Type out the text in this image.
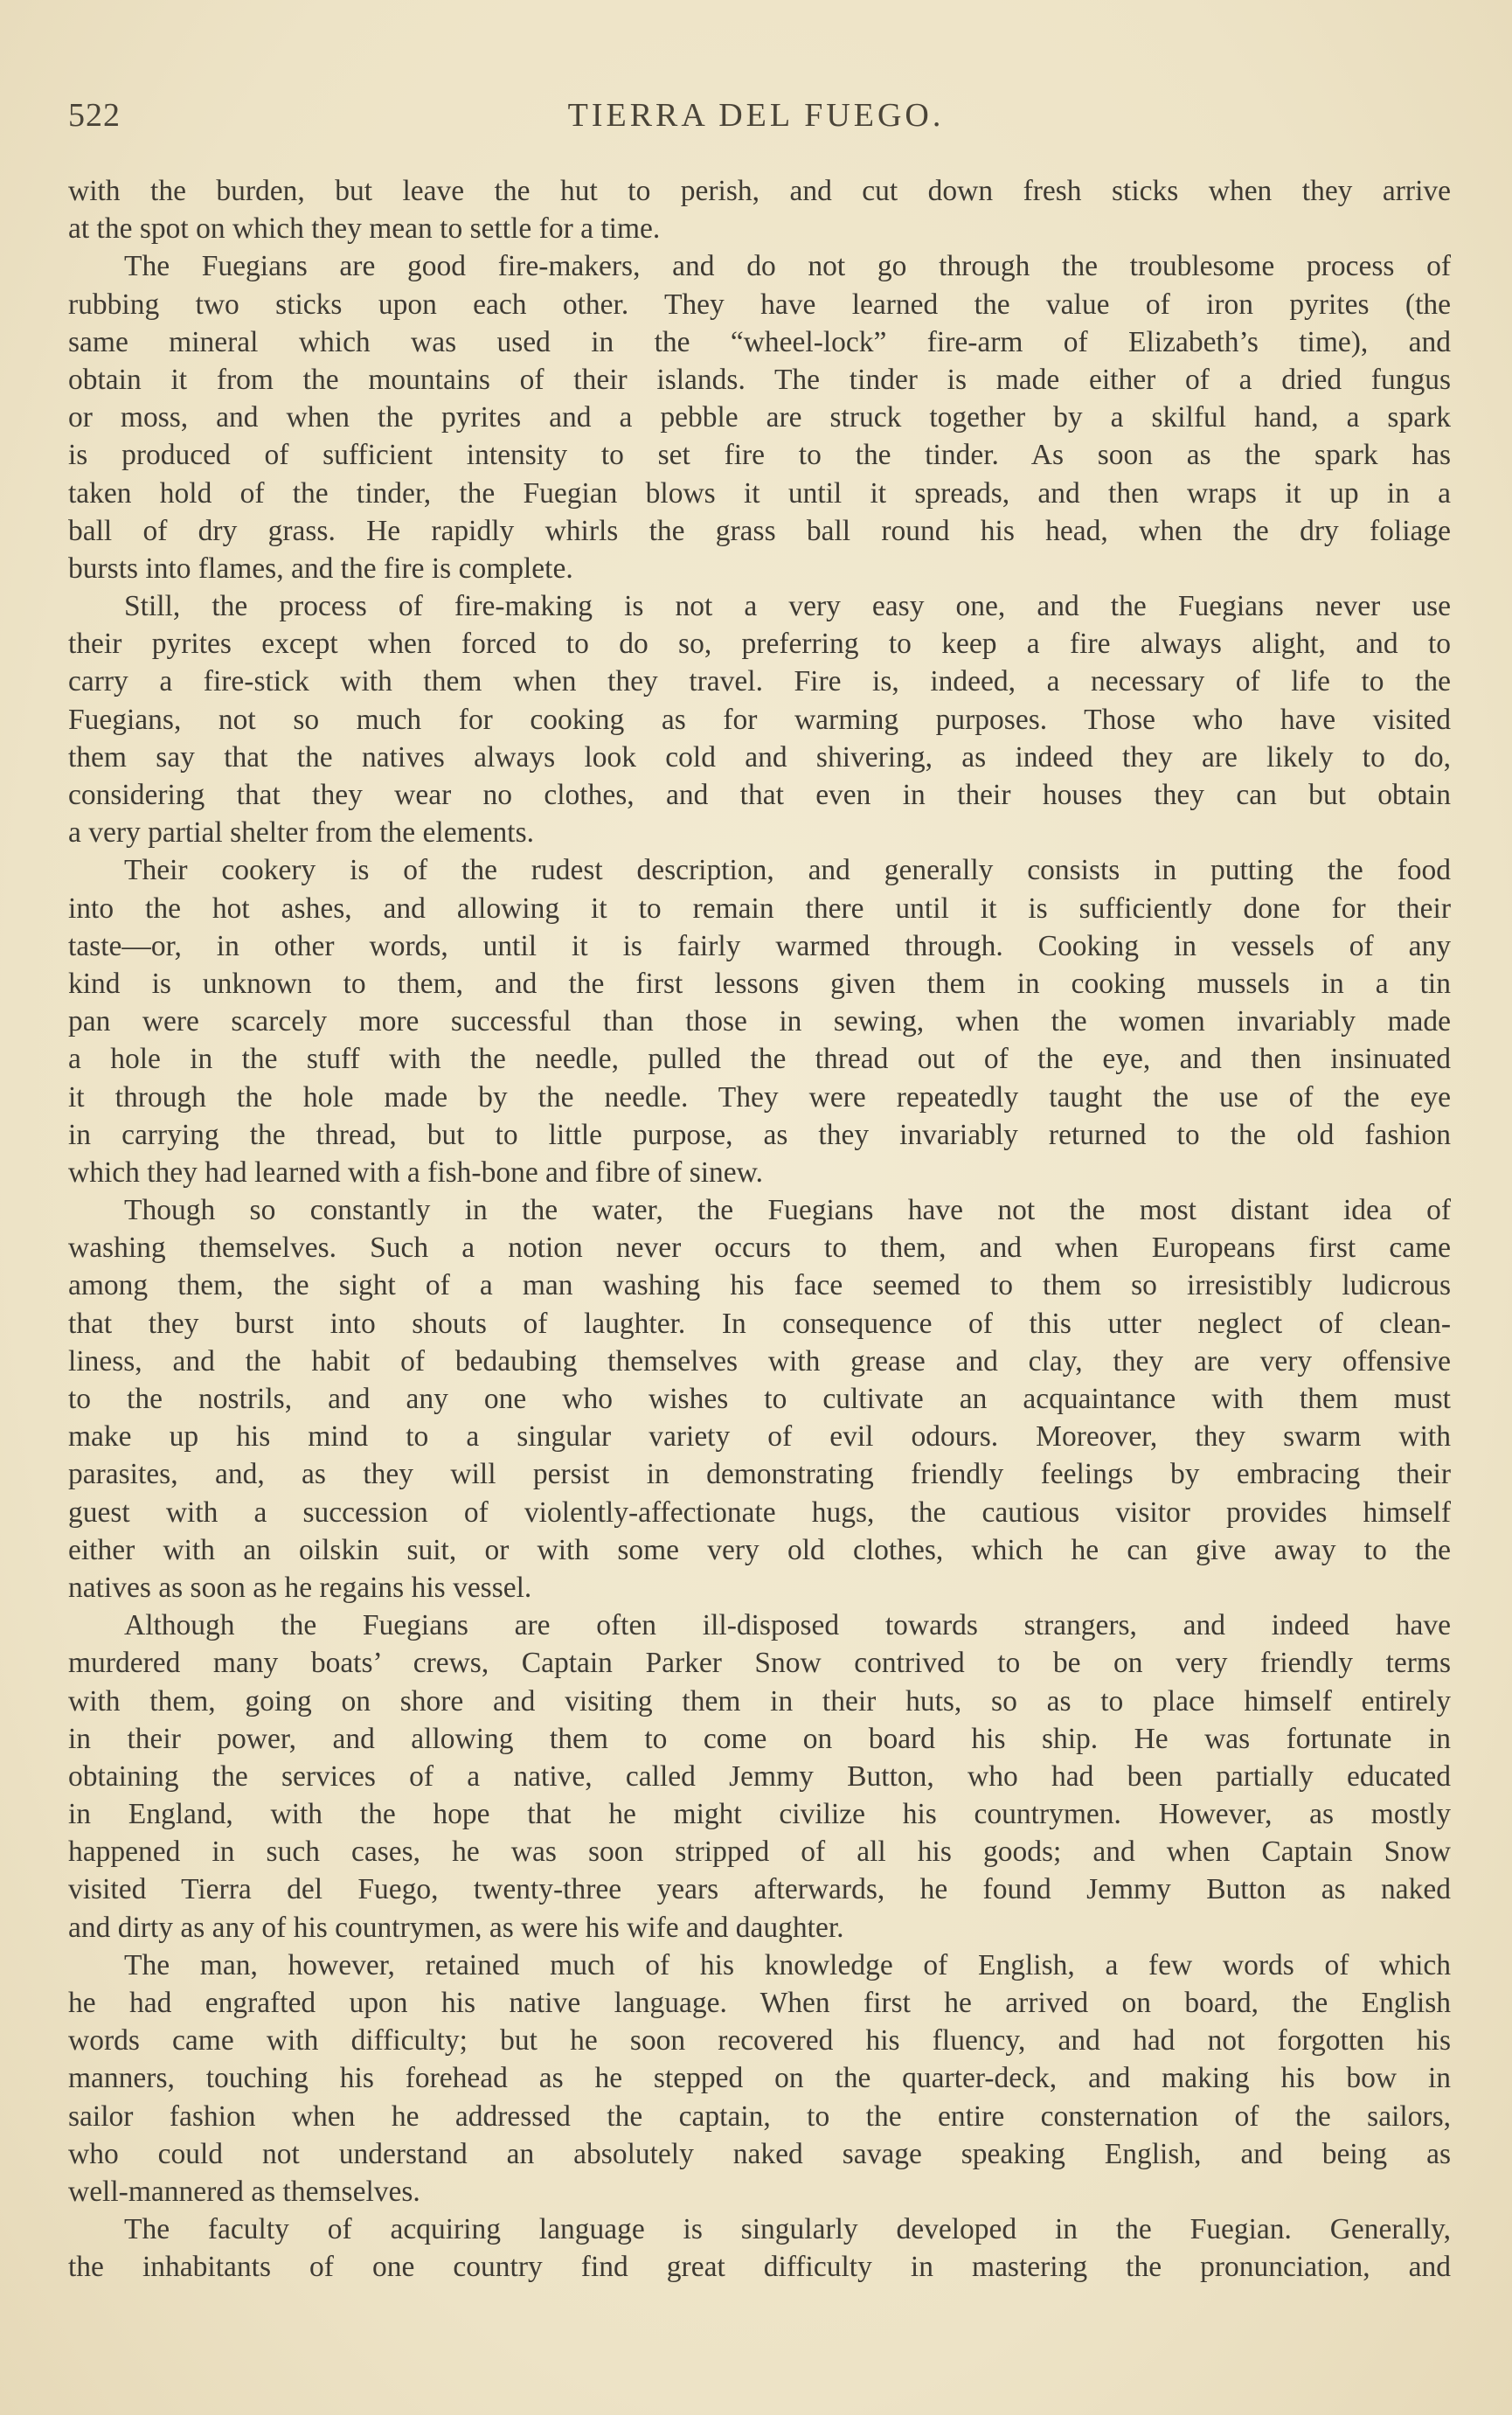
522	TIERRA DEL FUEGO.
with the burden, but leave the hut to perish, and cut down fresh sticks when they arrive
at the spot on which they mean to settle for a time.
The Fuegians are good fire-makers, and do not go through the troublesome process of
rubbing two sticks upon each other. They have learned the value of iron pyrites (the
same mineral which was used in the “wheel-lock” fire-arm of Elizabeth’s time), and
obtain it from the mountains of their islands. The tinder is made either of a dried fungus
or moss, and when the pyrites and a pebble are struck together by a skilful hand, a spark
is produced of sufficient intensity to set fire to the tinder. As soon as the spark has
taken hold of the tinder, the Fuegian blows it until it spreads, and then wraps it up in a
ball of dry grass. He rapidly whirls the grass ball round his head, when the dry foliage
bursts into flames, and the fire is complete.
Still, the process of fire-making is not a very easy one, and the Fuegians never use
their pyrites except when forced to do so, preferring to keep a fire always alight, and to
carry a fire-stick with them when they travel. Fire is, indeed, a necessary of life to the
Fuegians, not so much for cooking as for warming purposes. Those who have visited
them say that the natives always look cold and shivering, as indeed they are likely to do,
considering that they wear no clothes, and that even in their houses they can but obtain
a very partial shelter from the elements.
Their cookery is of the rudest description, and generally consists in putting the food
into the hot ashes, and allowing it to remain there until it is sufficiently done for their
taste—or, in other words, until it is fairly warmed through. Cooking in vessels of any
kind is unknown to them, and the first lessons given them in cooking mussels in a tin
pan were scarcely more successful than those in sewing, when the women invariably made
a hole in the stuff with the needle, pulled the thread out of the eye, and then insinuated
it through the hole made by the needle. They were repeatedly taught the use of the eye
in carrying the thread, but to little purpose, as they invariably returned to the old fashion
which they had learned with a fish-bone and fibre of sinew.
Though so constantly in the water, the Fuegians have not the most distant idea of
washing themselves. Such a notion never occurs to them, and when Europeans first came
among them, the sight of a man washing his face seemed to them so irresistibly ludicrous
that they burst into shouts of laughter. In consequence of this utter neglect of clean-
liness, and the habit of bedaubing themselves with grease and clay, they are very offensive
to the nostrils, and any one who wishes to cultivate an acquaintance with them must
make up his mind to a singular variety of evil odours. Moreover, they swarm with
parasites, and, as they will persist in demonstrating friendly feelings by embracing their
guest with a succession of violently-affectionate hugs, the cautious visitor provides himself
either with an oilskin suit, or with some very old clothes, which he can give away to the
natives as soon as he regains his vessel.
Although the Fuegians are often ill-disposed towards strangers, and indeed have
murdered many boats’ crews, Captain Parker Snow contrived to be on very friendly terms
with them, going on shore and visiting them in their huts, so as to place himself entirely
in their power, and allowing them to come on board his ship. He was fortunate in
obtaining the services of a native, called Jemmy Button, who had been partially educated
in England, with the hope that he might civilize his countrymen. However, as mostly
happened in such cases, he was soon stripped of all his goods; and when Captain Snow
visited Tierra del Fuego, twenty-three years afterwards, he found Jemmy Button as naked
and dirty as any of his countrymen, as were his wife and daughter.
The man, however, retained much of his knowledge of English, a few words of which
he had engrafted upon his native language. When first he arrived on board, the English
words came with difficulty; but he soon recovered his fluency, and had not forgotten his
manners, touching his forehead as he stepped on the quarter-deck, and making his bow in
sailor fashion when he addressed the captain, to the entire consternation of the sailors,
who could not understand an absolutely naked savage speaking English, and being as
well-mannered as themselves.
The faculty of acquiring language is singularly developed in the Fuegian. Generally,
the inhabitants of one country find great difficulty in mastering the pronunciation, and
